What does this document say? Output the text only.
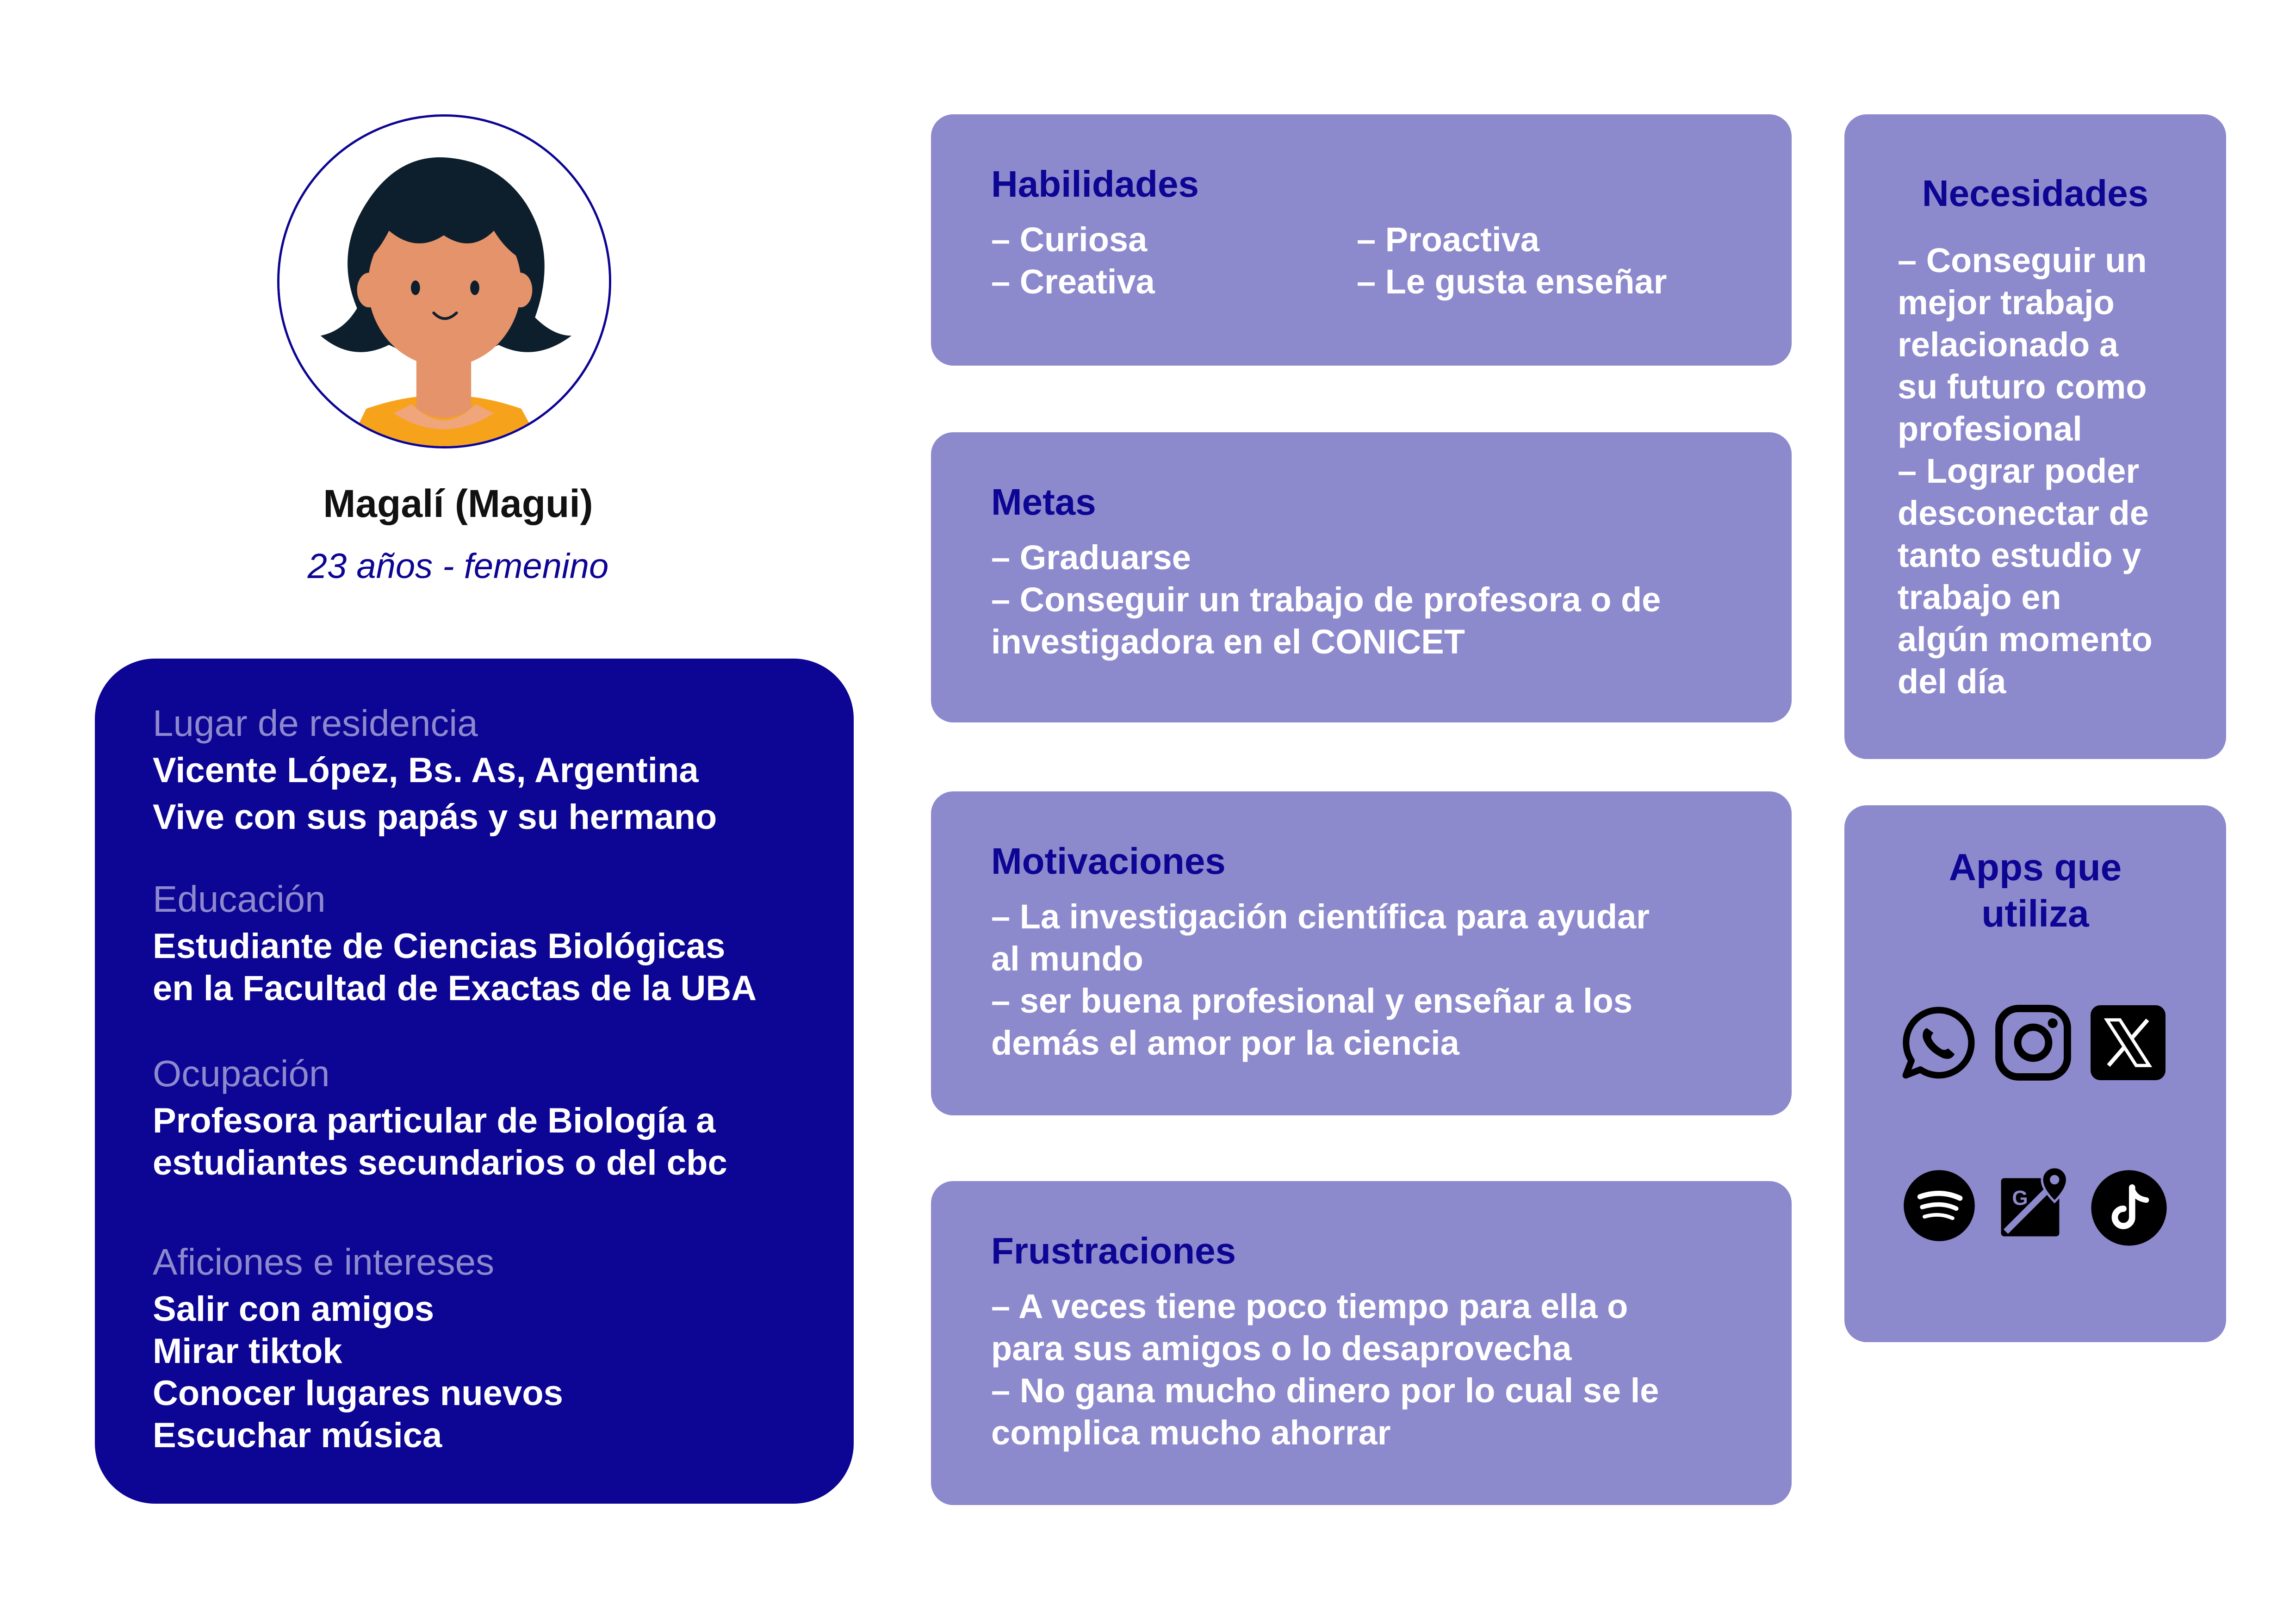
Magalí (Magui)
23 años - femenino
Lugar de residencia
Vicente López, Bs. As, Argentina
Vive con sus papás y su hermano
Educación
Estudiante de Ciencias Biológicas
en la Facultad de Exactas de la UBA
Ocupación
Profesora particular de Biología a
estudiantes secundarios o del cbc
Aficiones e intereses
Salir con amigos
Mirar tiktok
Conocer lugares nuevos
Escuchar música
Habilidades
– Curiosa
– Creativa
– Proactiva
– Le gusta enseñar
Metas
– Graduarse
– Conseguir un trabajo de profesora o de
investigadora en el CONICET
Motivaciones
– La investigación científica para ayudar
al mundo
– ser buena profesional y enseñar a los
demás el amor por la ciencia
Frustraciones
– A veces tiene poco tiempo para ella o
para sus amigos o lo desaprovecha
– No gana mucho dinero por lo cual se le
complica mucho ahorrar
Necesidades
– Conseguir un
mejor trabajo
relacionado a
su futuro como
profesional
– Lograr poder
desconectar de
tanto estudio y
trabajo en
algún momento
del día
Apps que
utiliza
G
